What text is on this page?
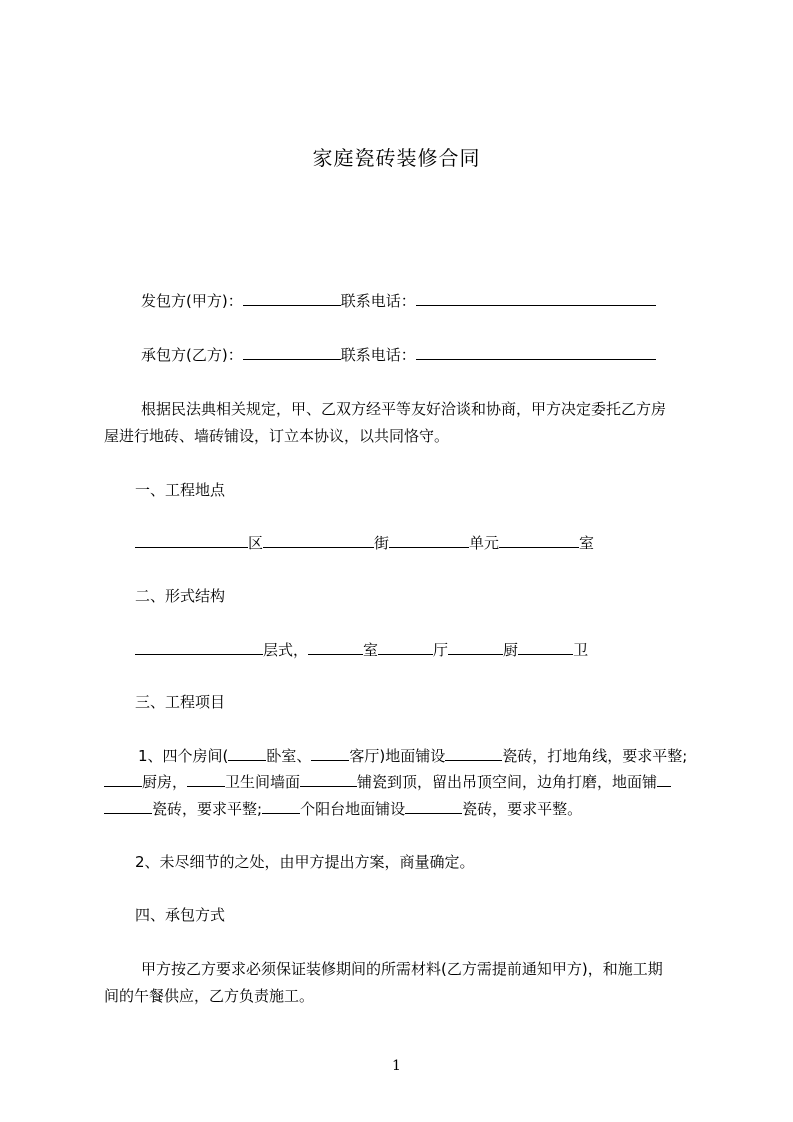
家庭瓷砖装修合同
发包方(甲方)：	联系电话：
承包方(乙方)：	联系电话：
根据民法典相关规定，甲、乙双方经平等友好洽谈和协商，甲方决定委托乙方房
屋进行地砖、墙砖铺设，订立本协议，以共同恪守。
一、工程地点
区	街	单元	室
二、形式结构
层式，	室	厅	厨	卫
三、工程项目
1、四个房间(	卧室、	客厅)地面铺设	瓷砖，打地角线，要求平整;
厨房，	卫生间墙面	铺瓷到顶，留出吊顶空间，边角打磨，地面铺
瓷砖，要求平整;	个阳台地面铺设	瓷砖，要求平整。
2、未尽细节的之处，由甲方提出方案，商量确定。
四、承包方式
甲方按乙方要求必须保证装修期间的所需材料(乙方需提前通知甲方)，和施工期
间的午餐供应，乙方负责施工。
1
